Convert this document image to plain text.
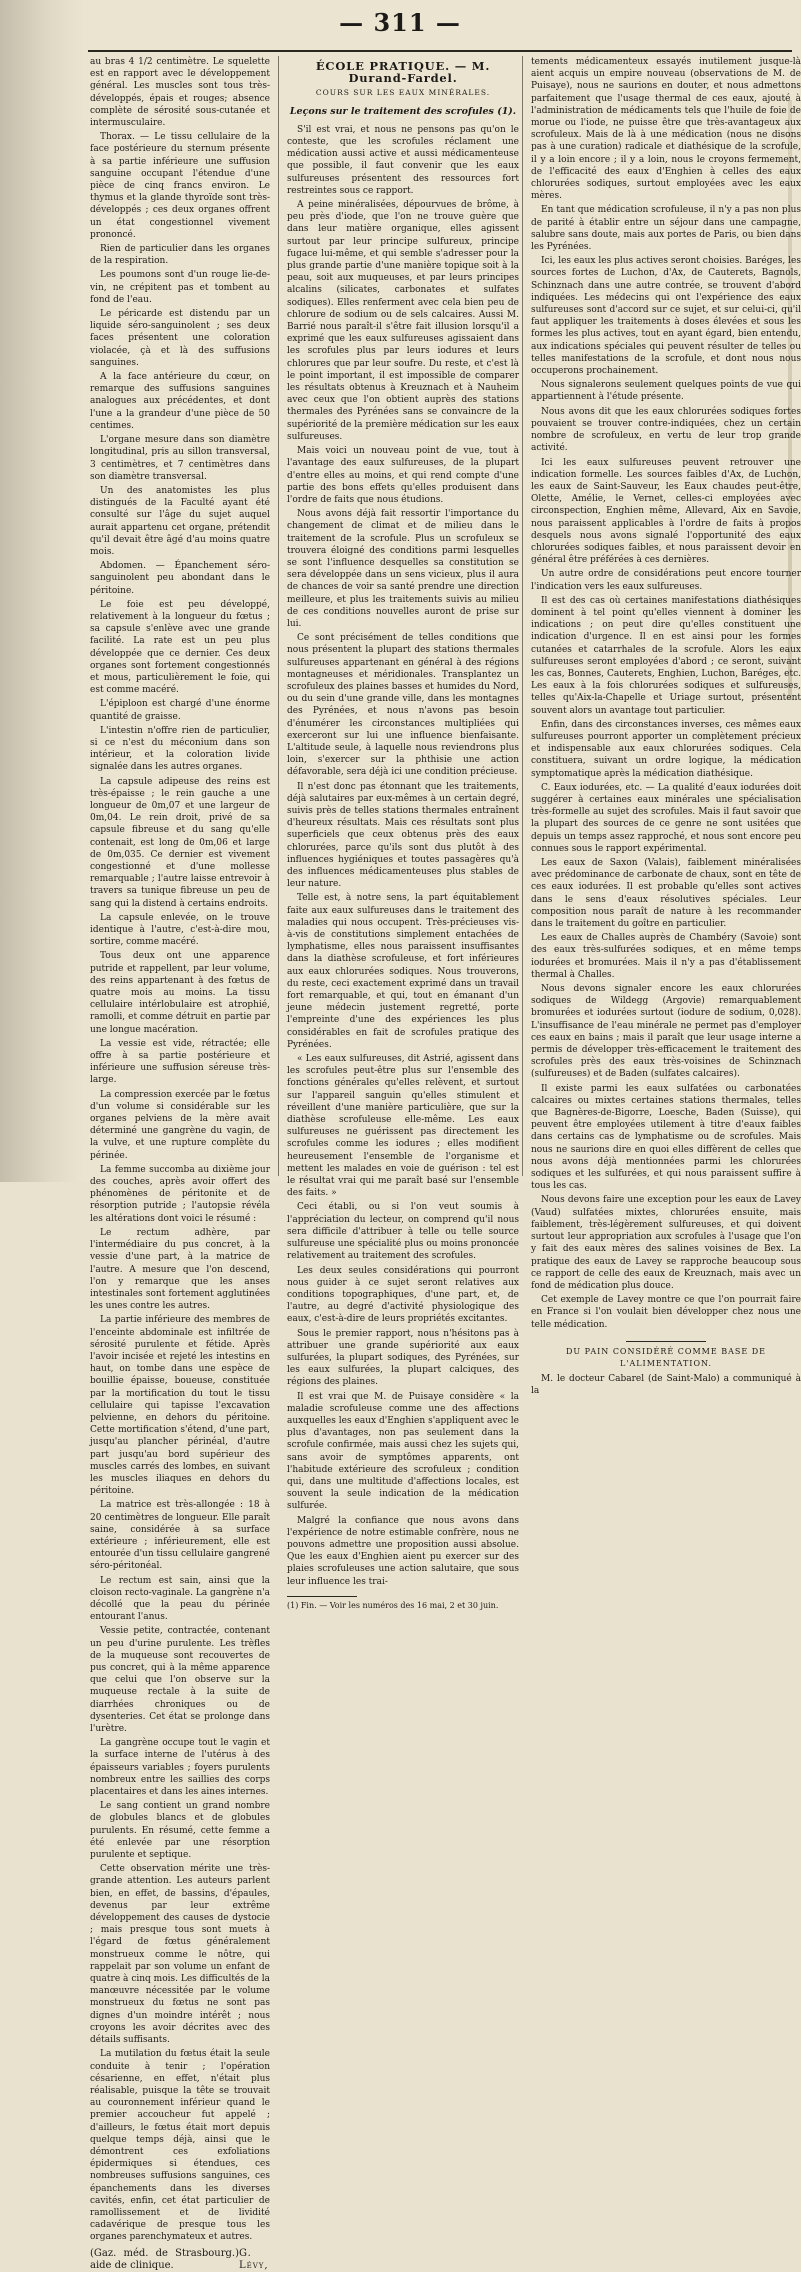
— 311 —

au bras 4 1/2 centimètre. Le squelette est en rapport avec le développement général. Les muscles sont tous très-développés, épais et rouges; absence complète de sérosité sous-cutanée et intermusculaire.

Thorax. — Le tissu cellulaire de la face postérieure du sternum présente à sa partie inférieure une suffusion sanguine occupant l'étendue d'une pièce de cinq francs environ. Le thymus et la glande thyroïde sont très-développés ; ces deux organes offrent un état congestionnel vivement prononcé.

Rien de particulier dans les organes de la respiration.

Les poumons sont d'un rouge lie-de-vin, ne crépitent pas et tombent au fond de l'eau.

Le péricarde est distendu par un liquide séro-sanguinolent ; ses deux faces présentent une coloration violacée, çà et là des suffusions sanguines.

A la face antérieure du cœur, on remarque des suffusions sanguines analogues aux précédentes, et dont l'une a la grandeur d'une pièce de 50 centimes.

L'organe mesure dans son diamètre longitudinal, pris au sillon transversal, 3 centimètres, et 7 centimètres dans son diamètre transversal.

Un des anatomistes les plus distingués de la Faculté ayant été consulté sur l'âge du sujet auquel aurait appartenu cet organe, prétendit qu'il devait être âgé d'au moins quatre mois.

Abdomen. — Épanchement séro-sanguinolent peu abondant dans le péritoine.

Le foie est peu développé, relativement à la longueur du fœtus ; sa capsule s'enlève avec une grande facilité. La rate est un peu plus développée que ce dernier. Ces deux organes sont fortement congestionnés et mous, particulièrement le foie, qui est comme macéré.

L'épiploon est chargé d'une énorme quantité de graisse.

L'intestin n'offre rien de particulier, si ce n'est du méconium dans son intérieur, et la coloration livide signalée dans les autres organes.

La capsule adipeuse des reins est très-épaisse ; le rein gauche a une longueur de 0m,07 et une largeur de 0m,04. Le rein droit, privé de sa capsule fibreuse et du sang qu'elle contenait, est long de 0m,06 et large de 0m,035. Ce dernier est vivement congestionné et d'une mollesse remarquable ; l'autre laisse entrevoir à travers sa tunique fibreuse un peu de sang qui la distend à certains endroits.

La capsule enlevée, on le trouve identique à l'autre, c'est-à-dire mou, sortire, comme macéré.

Tous deux ont une apparence putride et rappellent, par leur volume, des reins appartenant à des fœtus de quatre mois au moins. La tissu cellulaire intérlobulaire est atrophié, ramolli, et comme détruit en partie par une longue macération.

La vessie est vide, rétractée; elle offre à sa partie postérieure et inférieure une suffusion séreuse très-large.

La compression exercée par le fœtus d'un volume si considérable sur les organes pelviens de la mère avait déterminé une gangrène du vagin, de la vulve, et une rupture complète du périnée.

La femme succomba au dixième jour des couches, après avoir offert des phénomènes de péritonite et de résorption putride ; l'autopsie révéla les altérations dont voici le résumé :

Le rectum adhère, par l'intermédiaire du pus concret, à la vessie d'une part, à la matrice de l'autre. A mesure que l'on descend, l'on y remarque que les anses intestinales sont fortement agglutinées les unes contre les autres.

La partie inférieure des membres de l'enceinte abdominale est infiltrée de sérosité purulente et fétide. Après l'avoir incisée et rejeté les intestins en haut, on tombe dans une espèce de bouillie épaisse, boueuse, constituée par la mortification du tout le tissu cellulaire qui tapisse l'excavation pelvienne, en dehors du péritoine. Cette mortification s'étend, d'une part, jusqu'au plancher périnéal, d'autre part jusqu'au bord supérieur des muscles carrés des lombes, en suivant les muscles iliaques en dehors du péritoine.

La matrice est très-allongée : 18 à 20 centimètres de longueur. Elle paraît saine, considérée à sa surface extérieure ; inférieurement, elle est entourée d'un tissu cellulaire gangrené séro-péritonéal.

Le rectum est sain, ainsi que la cloison recto-vaginale. La gangrène n'a décollé que la peau du périnée entourant l'anus.

Vessie petite, contractée, contenant un peu d'urine purulente. Les trèfles de la muqueuse sont recouvertes de pus concret, qui à la même apparence que celui que l'on observe sur la muqueuse rectale à la suite de diarrhées chroniques ou de dysenteries. Cet état se prolonge dans l'urètre.

La gangrène occupe tout le vagin et la surface interne de l'utérus à des épaisseurs variables ; foyers purulents nombreux entre les saillies des corps placentaires et dans les aines internes.

Le sang contient un grand nombre de globules blancs et de globules purulents. En résumé, cette femme a été enlevée par une résorption purulente et septique.

Cette observation mérite une très-grande attention. Les auteurs parlent bien, en effet, de bassins, d'épaules, devenus par leur extrême développement des causes de dystocie ; mais presque tous sont muets à l'égard de fœtus généralement monstrueux comme le nôtre, qui rappelait par son volume un enfant de quatre à cinq mois. Les difficultés de la manœuvre nécessitée par le volume monstrueux du fœtus ne sont pas dignes d'un moindre intérêt ; nous croyons les avoir décrites avec des détails suffisants.

La mutilation du fœtus était la seule conduite à tenir ; l'opération césarienne, en effet, n'était plus réalisable, puisque la tête se trouvait au couronnement inférieur quand le premier accoucheur fut appelé ; d'ailleurs, le fœtus était mort depuis quelque temps déjà, ainsi que le démontrent ces exfoliations épidermiques si étendues, ces nombreuses suffusions sanguines, ces épanchements dans les diverses cavités, enfin, cet état particulier de ramollissement et de lividité cadavérique de presque tous les organes parenchymateux et autres.

(Gaz. méd. de Strasbourg.) aide de clinique.
G. Lévy,
ÉCOLE PRATIQUE. — M. Durand-Fardel.
COURS SUR LES EAUX MINÉRALES.
Leçons sur le traitement des scrofules (1).

S'il est vrai, et nous ne pensons pas qu'on le conteste, que les scrofules réclament une médication aussi active et aussi médicamenteuse que possible, il faut convenir que les eaux sulfureuses présentent des ressources fort restreintes sous ce rapport.

A peine minéralisées, dépourvues de brôme, à peu près d'iode, que l'on ne trouve guère que dans leur matière organique, elles agissent surtout par leur principe sulfureux, principe fugace lui-même, et qui semble s'adresser pour la plus grande partie d'une manière topique soit à la peau, soit aux muqueuses, et par leurs principes alcalins (silicates, carbonates et sulfates sodiques). Elles renferment avec cela bien peu de chlorure de sodium ou de sels calcaires. Aussi M. Barrié nous paraît-il s'être fait illusion lorsqu'il a exprimé que les eaux sulfureuses agissaient dans les scrofules plus par leurs iodures et leurs chlorures que par leur soufre. Du reste, et c'est là le point important, il est impossible de comparer les résultats obtenus à Kreuznach et à Nauheim avec ceux que l'on obtient auprès des stations thermales des Pyrénées sans se convaincre de la supériorité de la première médication sur les eaux sulfureuses.

Mais voici un nouveau point de vue, tout à l'avantage des eaux sulfureuses, de la plupart d'entre elles au moins, et qui rend compte d'une partie des bons effets qu'elles produisent dans l'ordre de faits que nous étudions.

Nous avons déjà fait ressortir l'importance du changement de climat et de milieu dans le traitement de la scrofule. Plus un scrofuleux se trouvera éloigné des conditions parmi lesquelles se sont l'influence desquelles sa constitution se sera développée dans un sens vicieux, plus il aura de chances de voir sa santé prendre une direction meilleure, et plus les traitements suivis au milieu de ces conditions nouvelles auront de prise sur lui.

Ce sont précisément de telles conditions que nous présentent la plupart des stations thermales sulfureuses appartenant en général à des régions montagneuses et méridionales. Transplantez un scrofuleux des plaines basses et humides du Nord, ou du sein d'une grande ville, dans les montagnes des Pyrénées, et nous n'avons pas besoin d'énumérer les circonstances multipliées qui exerceront sur lui une influence bienfaisante. L'altitude seule, à laquelle nous reviendrons plus loin, s'exercer sur la phthisie une action défavorable, sera déjà ici une condition précieuse.

Il n'est donc pas étonnant que les traitements, déjà salutaires par eux-mêmes à un certain degré, suivis près de telles stations thermales entraînent d'heureux résultats. Mais ces résultats sont plus superficiels que ceux obtenus près des eaux chlorurées, parce qu'ils sont dus plutôt à des influences hygiéniques et toutes passagères qu'à des influences médicamenteuses plus stables de leur nature.

Telle est, à notre sens, la part équitablement faite aux eaux sulfureuses dans le traitement des maladies qui nous occupent. Très-précieuses vis-à-vis de constitutions simplement entachées de lymphatisme, elles nous paraissent insuffisantes dans la diathèse scrofuleuse, et fort inférieures aux eaux chlorurées sodiques. Nous trouverons, du reste, ceci exactement exprimé dans un travail fort remarquable, et qui, tout en émanant d'un jeune médecin justement regretté, porte l'empreinte d'une des expériences les plus considérables en fait de scrofules pratique des Pyrénées.

« Les eaux sulfureuses, dit Astrié, agissent dans les scrofules peut-être plus sur l'ensemble des fonctions générales qu'elles relèvent, et surtout sur l'appareil sanguin qu'elles stimulent et réveillent d'une manière particulière, que sur la diathèse scrofuleuse elle-même. Les eaux sulfureuses ne guérissent pas directement les scrofules comme les iodures ; elles modifient heureusement l'ensemble de l'organisme et mettent les malades en voie de guérison : tel est le résultat vrai qui me paraît basé sur l'ensemble des faits. »

Ceci établi, ou si l'on veut soumis à l'appréciation du lecteur, on comprend qu'il nous sera difficile d'attribuer à telle ou telle source sulfureuse une spécialité plus ou moins prononcée relativement au traitement des scrofules.

Les deux seules considérations qui pourront nous guider à ce sujet seront relatives aux conditions topographiques, d'une part, et, de l'autre, au degré d'activité physiologique des eaux, c'est-à-dire de leurs propriétés excitantes.

Sous le premier rapport, nous n'hésitons pas à attribuer une grande supériorité aux eaux sulfurées, la plupart sodiques, des Pyrénées, sur les eaux sulfurées, la plupart calciques, des régions des plaines.

Il est vrai que M. de Puisaye considère « la maladie scrofuleuse comme une des affections auxquelles les eaux d'Enghien s'appliquent avec le plus d'avantages, non pas seulement dans la scrofule confirmée, mais aussi chez les sujets qui, sans avoir de symptômes apparents, ont l'habitude extérieure des scrofuleux ; condition qui, dans une multitude d'affections locales, est souvent la seule indication de la médication sulfurée.

Malgré la confiance que nous avons dans l'expérience de notre estimable confrère, nous ne pouvons admettre une proposition aussi absolue. Que les eaux d'Enghien aient pu exercer sur des plaies scrofuleuses une action salutaire, que sous leur influence les trai-

(1) Fin. — Voir les numéros des 16 mai, 2 et 30 juin.

tements médicamenteux essayés inutilement jusque-là aient acquis un empire nouveau (observations de M. de Puisaye), nous ne saurions en douter, et nous admettons parfaitement que l'usage thermal de ces eaux, ajouté à l'administration de médicaments tels que l'huile de foie de morue ou l'iode, ne puisse être que très-avantageux aux scrofuleux. Mais de là à une médication (nous ne disons pas à une curation) radicale et diathésique de la scrofule, il y a loin encore ; il y a loin, nous le croyons fermement, de l'efficacité des eaux d'Enghien à celles des eaux chlorurées sodiques, surtout employées avec les eaux mères.

En tant que médication scrofuleuse, il n'y a pas non plus de parité à établir entre un séjour dans une campagne, salubre sans doute, mais aux portes de Paris, ou bien dans les Pyrénées.

Ici, les eaux les plus actives seront choisies. Baréges, les sources fortes de Luchon, d'Ax, de Cauterets, Bagnols, Schinznach dans une autre contrée, se trouvent d'abord indiquées. Les médecins qui ont l'expérience des eaux sulfureuses sont d'accord sur ce sujet, et sur celui-ci, qu'il faut appliquer les traitements à doses élevées et sous les formes les plus actives, tout en ayant égard, bien entendu, aux indications spéciales qui peuvent résulter de telles ou telles manifestations de la scrofule, et dont nous nous occuperons prochainement.

Nous signalerons seulement quelques points de vue qui appartiennent à l'étude présente.

Nous avons dit que les eaux chlorurées sodiques fortes pouvaient se trouver contre-indiquées, chez un certain nombre de scrofuleux, en vertu de leur trop grande activité.

Ici les eaux sulfureuses peuvent retrouver une indication formelle. Les sources faibles d'Ax, de Luchon, les eaux de Saint-Sauveur, les Eaux chaudes peut-être, Olette, Amélie, le Vernet, celles-ci employées avec circonspection, Enghien même, Allevard, Aix en Savoie, nous paraissent applicables à l'ordre de faits à propos desquels nous avons signalé l'opportunité des eaux chlorurées sodiques faibles, et nous paraissent devoir en général être préférées à ces dernières.

Un autre ordre de considérations peut encore tourner l'indication vers les eaux sulfureuses.

Il est des cas où certaines manifestations diathésiques dominent à tel point qu'elles viennent à dominer les indications ; on peut dire qu'elles constituent une indication d'urgence. Il en est ainsi pour les formes cutanées et catarrhales de la scrofule. Alors les eaux sulfureuses seront employées d'abord ; ce seront, suivant les cas, Bonnes, Cauterets, Enghien, Luchon, Baréges, etc. Les eaux à la fois chlorurées sodiques et sulfureuses, telles qu'Aix-la-Chapelle et Uriage surtout, présentent souvent alors un avantage tout particulier.

Enfin, dans des circonstances inverses, ces mêmes eaux sulfureuses pourront apporter un complètement précieux et indispensable aux eaux chlorurées sodiques. Cela constituera, suivant un ordre logique, la médication symptomatique après la médication diathésique.

C. Eaux iodurées, etc. — La qualité d'eaux iodurées doit suggérer à certaines eaux minérales une spécialisation très-formelle au sujet des scrofules. Mais il faut savoir que la plupart des sources de ce genre ne sont usitées que depuis un temps assez rapproché, et nous sont encore peu connues sous le rapport expérimental.

Les eaux de Saxon (Valais), faiblement minéralisées avec prédominance de carbonate de chaux, sont en tête de ces eaux iodurées. Il est probable qu'elles sont actives dans le sens d'eaux résolutives spéciales. Leur composition nous paraît de nature à les recommander dans le traitement du goître en particulier.

Les eaux de Challes auprès de Chambéry (Savoie) sont des eaux très-sulfurées sodiques, et en même temps iodurées et bromurées. Mais il n'y a pas d'établissement thermal à Challes.

Nous devons signaler encore les eaux chlorurées sodiques de Wildegg (Argovie) remarquablement bromurées et iodurées surtout (iodure de sodium, 0,028). L'insuffisance de l'eau minérale ne permet pas d'employer ces eaux en bains ; mais il paraît que leur usage interne a permis de développer très-efficacement le traitement des scrofules près des eaux très-voisines de Schinznach (sulfureuses) et de Baden (sulfates calcaires).

Il existe parmi les eaux sulfatées ou carbonatées calcaires ou mixtes certaines stations thermales, telles que Bagnères-de-Bigorre, Loesche, Baden (Suisse), qui peuvent être employées utilement à titre d'eaux faibles dans certains cas de lymphatisme ou de scrofules. Mais nous ne saurions dire en quoi elles diffèrent de celles que nous avons déjà mentionnées parmi les chlorurées sodiques et les sulfurées, et qui nous paraissent suffire à tous les cas.

Nous devons faire une exception pour les eaux de Lavey (Vaud) sulfatées mixtes, chlorurées ensuite, mais faiblement, très-légèrement sulfureuses, et qui doivent surtout leur appropriation aux scrofules à l'usage que l'on y fait des eaux mères des salines voisines de Bex. La pratique des eaux de Lavey se rapproche beaucoup sous ce rapport de celle des eaux de Kreuznach, mais avec un fond de médication plus douce.

Cet exemple de Lavey montre ce que l'on pourrait faire en France si l'on voulait bien développer chez nous une telle médication.

DU PAIN CONSIDÉRÉ COMME BASE DE L'ALIMENTATION.

M. le docteur Cabarel (de Saint-Malo) a communiqué à la
